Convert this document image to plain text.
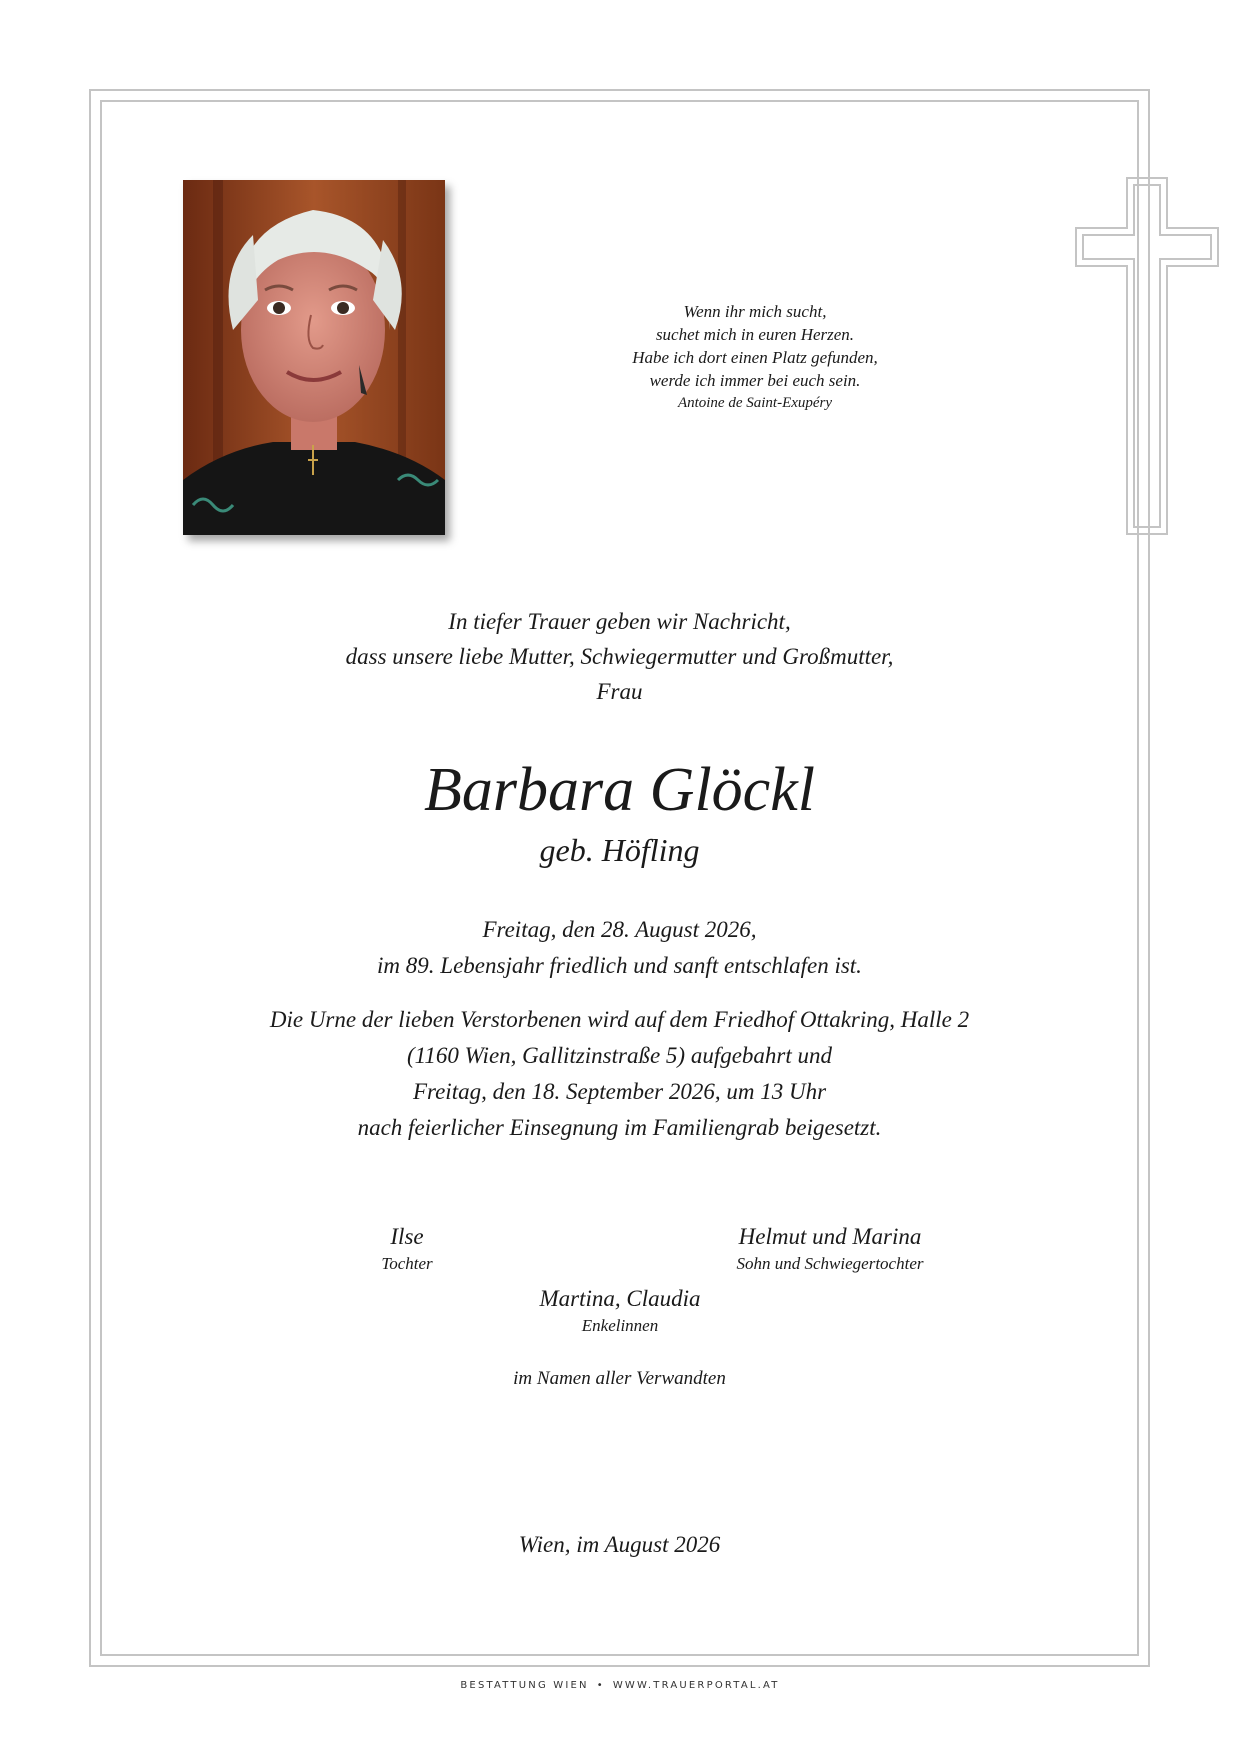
Wenn ihr mich sucht,
suchet mich in euren Herzen.
Habe ich dort einen Platz gefunden,
werde ich immer bei euch sein.
Antoine de Saint-Exupéry
In tiefer Trauer geben wir Nachricht,
dass unsere liebe Mutter, Schwiegermutter und Großmutter,
Frau
Barbara Glöckl
geb. Höfling
Freitag, den 28. August 2026,
im 89. Lebensjahr friedlich und sanft entschlafen ist.
Die Urne der lieben Verstorbenen wird auf dem Friedhof Ottakring, Halle 2
(1160 Wien, Gallitzinstraße 5) aufgebahrt und
Freitag, den 18. September 2026, um 13 Uhr
nach feierlicher Einsegnung im Familiengrab beigesetzt.
Ilse
Tochter
Helmut und Marina
Sohn und Schwiegertochter
Martina, Claudia
Enkelinnen
im Namen aller Verwandten
Wien, im August 2026
BESTATTUNG WIEN • WWW.TRAUERPORTAL.AT
